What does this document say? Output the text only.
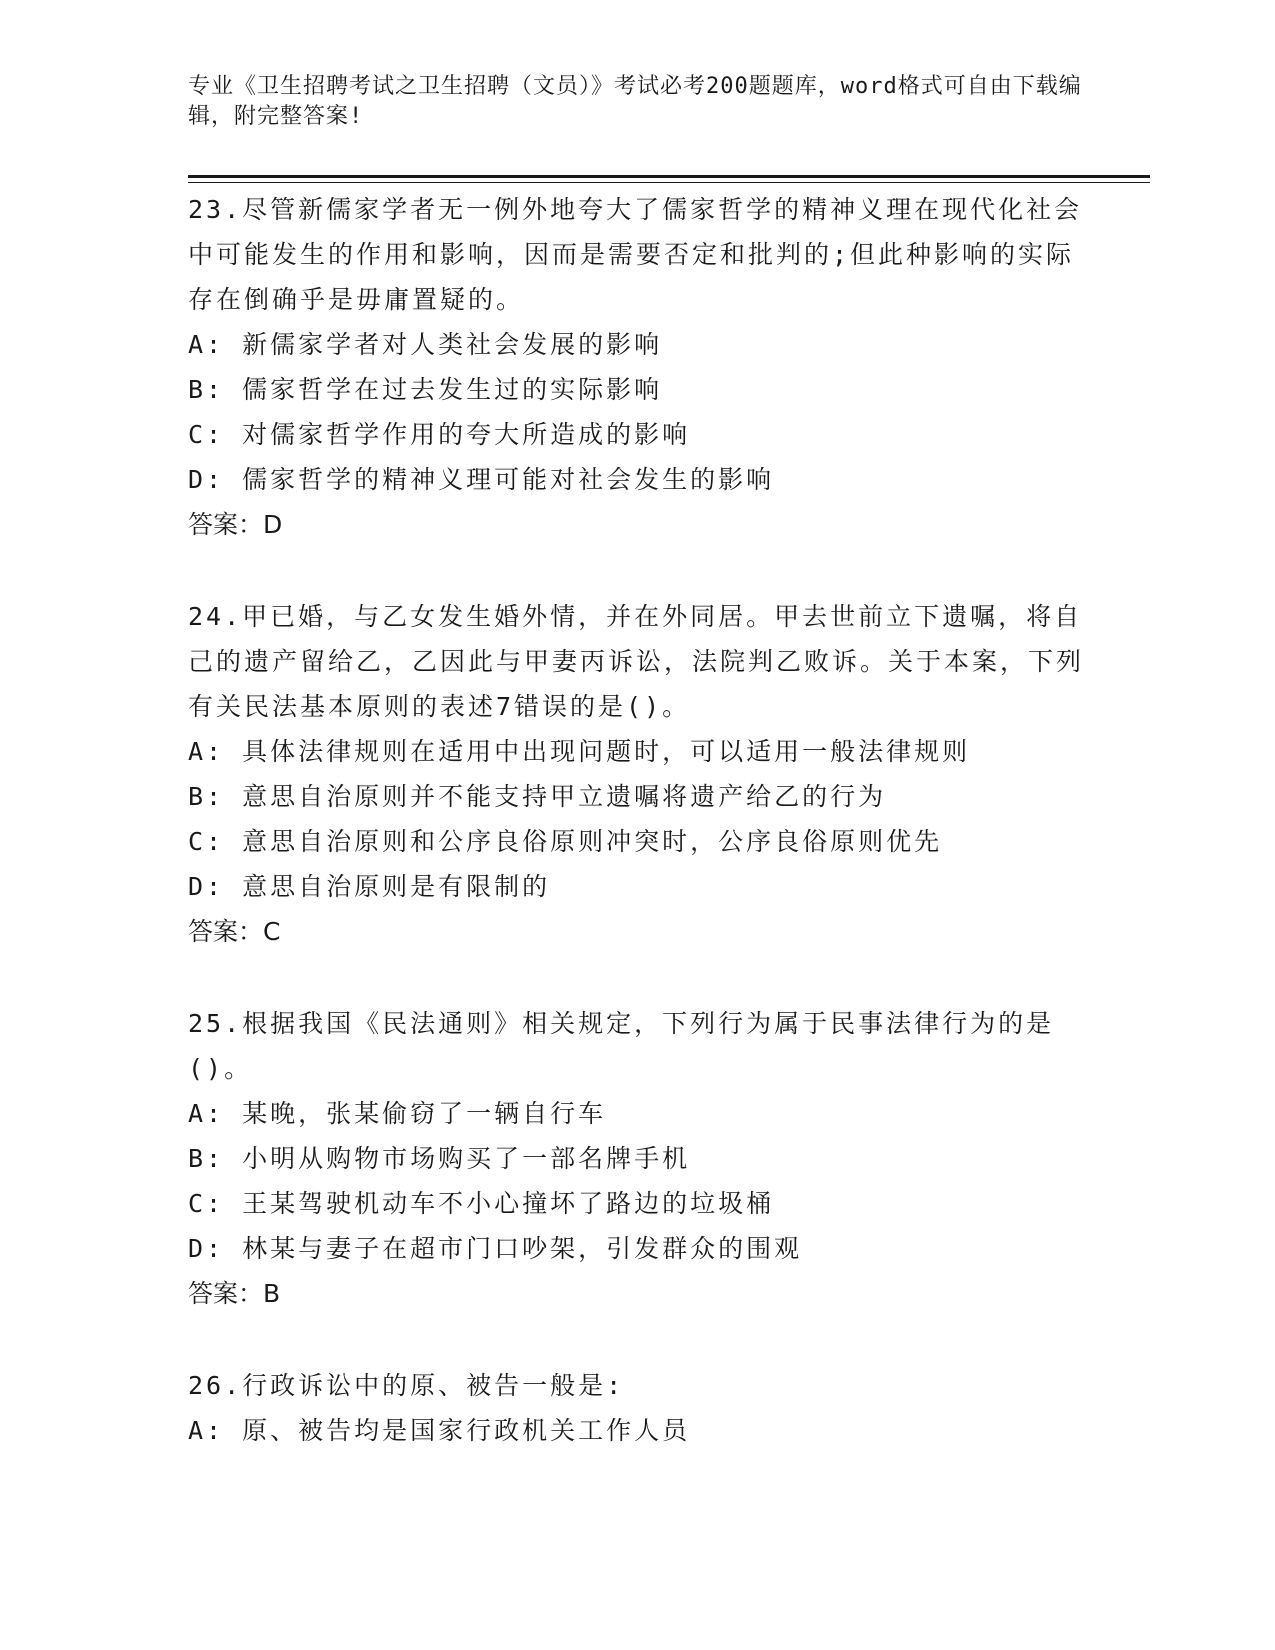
专业《卫生招聘考试之卫生招聘（文员）》考试必考200题题库，word格式可自由下载编辑，附完整答案!

23.尽管新儒家学者无一例外地夸大了儒家哲学的精神义理在现代化社会中可能发生的作用和影响，因而是需要否定和批判的;但此种影响的实际存在倒确乎是毋庸置疑的。

A: 新儒家学者对人类社会发展的影响

B: 儒家哲学在过去发生过的实际影响

C: 对儒家哲学作用的夸大所造成的影响

D: 儒家哲学的精神义理可能对社会发生的影响

答案：D

24.甲已婚，与乙女发生婚外情，并在外同居。甲去世前立下遗嘱，将自己的遗产留给乙，乙因此与甲妻丙诉讼，法院判乙败诉。关于本案，下列有关民法基本原则的表述7错误的是()。

A: 具体法律规则在适用中出现问题时，可以适用一般法律规则

B: 意思自治原则并不能支持甲立遗嘱将遗产给乙的行为

C: 意思自治原则和公序良俗原则冲突时，公序良俗原则优先

D: 意思自治原则是有限制的

答案：C

25.根据我国《民法通则》相关规定，下列行为属于民事法律行为的是()。

A: 某晚，张某偷窃了一辆自行车

B: 小明从购物市场购买了一部名牌手机

C: 王某驾驶机动车不小心撞坏了路边的垃圾桶

D: 林某与妻子在超市门口吵架，引发群众的围观

答案：B

26.行政诉讼中的原、被告一般是:

A: 原、被告均是国家行政机关工作人员
